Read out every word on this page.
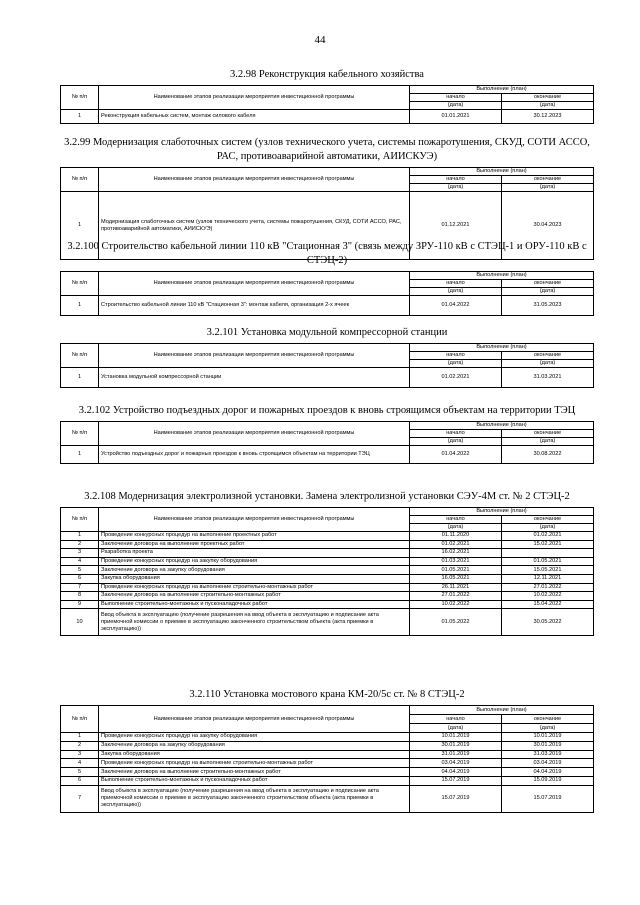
44
3.2.98 Реконструкция кабельного хозяйства
№ п/п	Наименование этапов реализации мероприятия инвестиционной программы	Выполнение (план)	
		начало	окончание
		(дата)	(дата)
1	Реконструкция кабельных систем, монтаж силового кабеля	01.01.2021	30.12.2023
3.2.99 Модернизация слаботочных систем (узлов технического учета, системы пожаротушения, СКУД, СОТИ АССО, РАС, противоаварийной автоматики, АИИСКУЭ)
№ п/п	Наименование этапов реализации мероприятия инвестиционной программы	Выполнение (план)	
		начало	окончание
		(дата)	(дата)
1	Модернизация слаботочных систем (узлов технического учета, системы пожаротушения, СКУД, СОТИ АССО, РАС, противоаварийной автоматики, АИИСКУЭ)	01.12.2021	30.04.2023
3.2.100 Строительство кабельной линии 110 кВ "Стационная 3" (связь между ЗРУ-110 кВ с СТЭЦ-1 и ОРУ-110 кВ с СТЭЦ-2)
№ п/п	Наименование этапов реализации мероприятия инвестиционной программы	Выполнение (план)	
		начало	окончание
		(дата)	(дата)
1	Строительство кабельной линии 110 кВ "Стационная 3": монтаж кабеля, организация 2-х ячеек	01.04.2022	31.05.2023
3.2.101 Установка модульной компрессорной станции
№ п/п	Наименование этапов реализации мероприятия инвестиционной программы	Выполнение (план)	
		начало	окончание
		(дата)	(дата)
1	Установка модульной компрессорной станции	01.02.2021	31.03.2021
3.2.102 Устройство подъездных дорог и пожарных проездов к вновь строящимся объектам на территории ТЭЦ
№ п/п	Наименование этапов реализации мероприятия инвестиционной программы	Выполнение (план)	
		начало	окончание
		(дата)	(дата)
1	Устройство подъездных дорог и пожарных проездов к вновь строящимся объектам на территории ТЭЦ	01.04.2022	30.08.2022
3.2.108 Модернизация электролизной установки. Замена электролизной установки СЭУ-4М ст. № 2 СТЭЦ-2
№ п/п	Наименование этапов реализации мероприятия инвестиционной программы	Выполнение (план)	
		начало	окончание
		(дата)	(дата)
1	Проведение конкурсных процедур на выполнение проектных работ	01.11.2020	01.02.2021
2	Заключение договора на выполнение проектных работ	01.02.2021	15.02.2021
3	Разработка проекта	16.02.2021	
4	Проведение конкурсных процедур на закупку оборудования	01.03.2021	01.05.2021
5	Заключение договора на закупку оборудования	01.05.2021	15.05.2021
6	Закупка оборудования	16.05.2021	12.11.2021
7	Проведение конкурсных процедур на выполнение строительно-монтажных работ	26.11.2021	27.01.2022
8	Заключение договора на выполнение строительно-монтажных работ	27.01.2022	10.02.2022
9	Выполнение строительно-монтажных и пусконаладочных работ	10.02.2022	15.04.2022
10	Ввод объекта в эксплуатацию (получение разрешения на ввод объекта в эксплуатацию и подписание акта приемочной комиссии о приемке в эксплуатацию законченного строительством объекта (акта приемки в эксплуатацию))	01.05.2022	30.05.2022
3.2.110 Установка мостового крана КМ-20/5с ст. № 8 СТЭЦ-2
№ п/п	Наименование этапов реализации мероприятия инвестиционной программы	Выполнение (план)	
		начало	окончание
		(дата)	(дата)
1	Проведение конкурсных процедур на закупку оборудования	10.01.2019	10.01.2019
2	Заключение договора на закупку оборудования	30.01.2019	30.01.2019
3	Закупка оборудования	31.01.2019	31.03.2019
4	Проведение конкурсных процедур на выполнение строительно-монтажных работ	03.04.2019	03.04.2019
5	Заключение договора на выполнение строительно-монтажных работ	04.04.2019	04.04.2019
6	Выполнение строительно-монтажных и пусконаладочных работ	15.07.2019	15.09.2019
7	Ввод объекта в эксплуатацию (получение разрешения на ввод объекта в эксплуатацию и подписание акта приемочной комиссии о приемке в эксплуатацию законченного строительством объекта (акта приемки в эксплуатацию))	15.07.2019	15.07.2019
